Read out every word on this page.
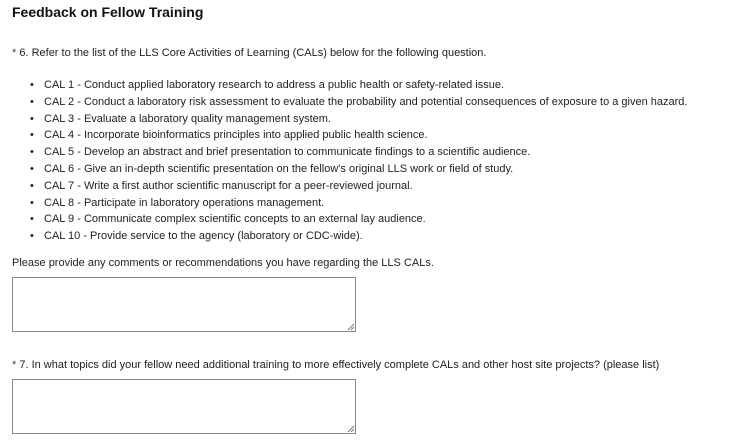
Feedback on Fellow Training
* 6. Refer to the list of the LLS Core Activities of Learning (CALs) below for the following question.
• CAL 1 - Conduct applied laboratory research to address a public health or safety-related issue.
• CAL 2 - Conduct a laboratory risk assessment to evaluate the probability and potential consequences of exposure to a given hazard.
• CAL 3 - Evaluate a laboratory quality management system.
• CAL 4 - Incorporate bioinformatics principles into applied public health science.
• CAL 5 - Develop an abstract and brief presentation to communicate findings to a scientific audience.
• CAL 6 - Give an in-depth scientific presentation on the fellow's original LLS work or field of study.
• CAL 7 - Write a first author scientific manuscript for a peer-reviewed journal.
• CAL 8 - Participate in laboratory operations management.
• CAL 9 - Communicate complex scientific concepts to an external lay audience.
• CAL 10 - Provide service to the agency (laboratory or CDC-wide).
Please provide any comments or recommendations you have regarding the LLS CALs.
* 7. In what topics did your fellow need additional training to more effectively complete CALs and other host site projects? (please list)
